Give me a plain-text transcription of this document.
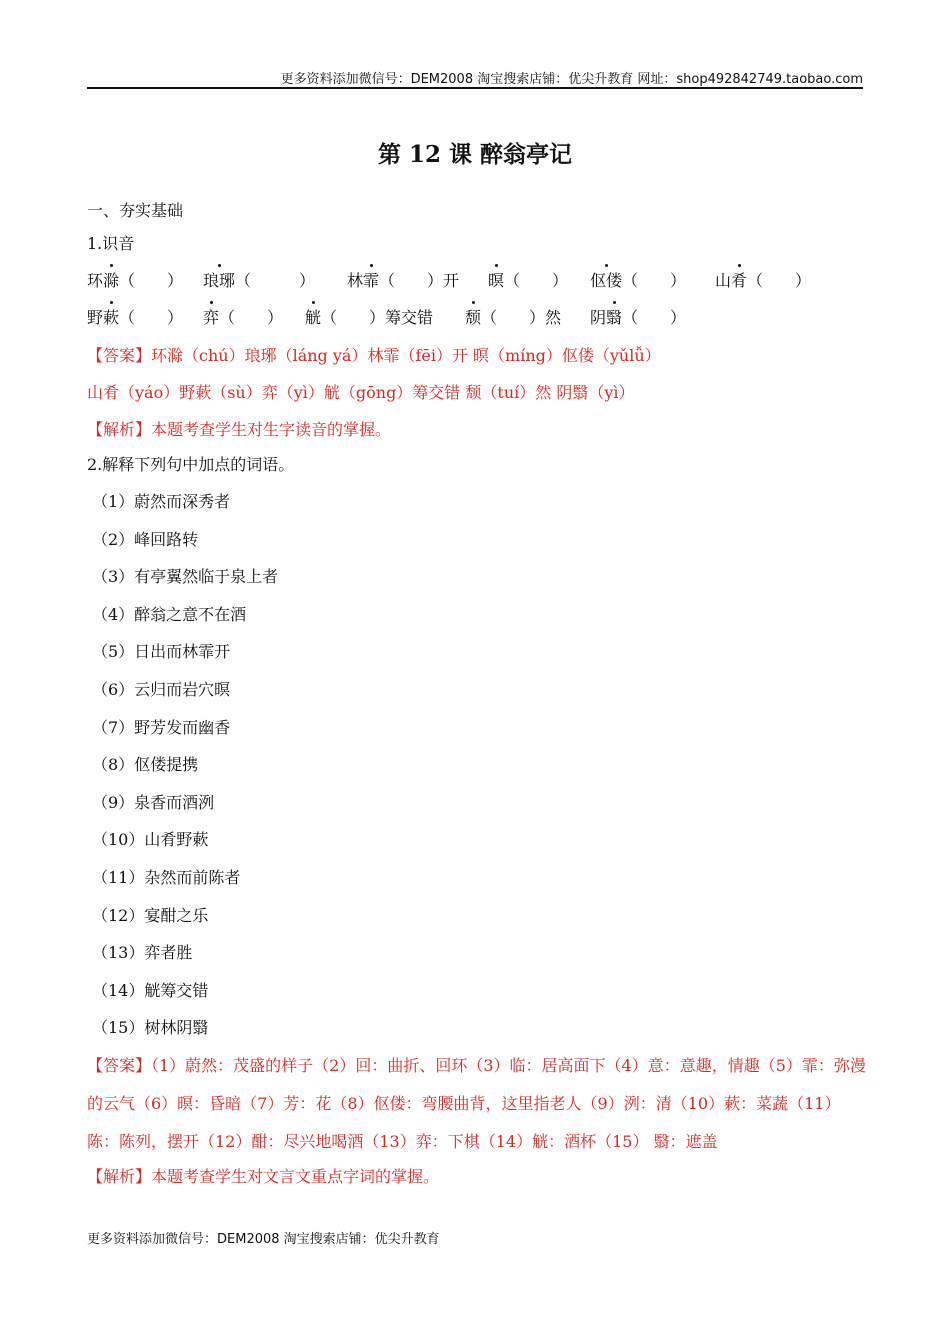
更多资料添加微信号：DEM2008 淘宝搜索店铺：优尖升教育 网址：shop492842749.taobao.com
第 12 课 醉翁亭记
一、夯实基础
1.识音
环滁（　　） 琅琊（　　　） 林霏（　　）开 暝（　　） 伛偻（　　） 山肴（　　）
野蔌（　　） 弈（　　） 觥（　　）筹交错 颓（　　）然 阴翳（　　）
【答案】环滁（chú）琅琊（láng yá）林霏（fēi）开 暝（míng）伛偻（yǔlǚ）
山肴（yáo）野蔌（sù）弈（yì）觥（gōng）筹交错 颓（tuí）然 阴翳（yì）
【解析】本题考查学生对生字读音的掌握。
2.解释下列句中加点的词语。
（1）蔚然而深秀者
（2）峰回路转
（3）有亭翼然临于泉上者
（4）醉翁之意不在酒
（5）日出而林霏开
（6）云归而岩穴暝
（7）野芳发而幽香
（8）伛偻提携
（9）泉香而酒洌
（10）山肴野蔌
（11）杂然而前陈者
（12）宴酣之乐
（13）弈者胜
（14）觥筹交错
（15）树林阴翳
【答案】（1）蔚然：茂盛的样子（2）回：曲折、回环（3）临：居高面下（4）意：意趣，情趣（5）霏：弥漫的云气（6）暝：昏暗（7）芳：花（8）伛偻：弯腰曲背，这里指老人（9）洌：清（10）蔌：菜蔬（11） 陈：陈列，摆开（12）酣：尽兴地喝酒（13）弈：下棋（14）觥：酒杯（15） 翳：遮盖
【解析】本题考查学生对文言文重点字词的掌握。
更多资料添加微信号：DEM2008 淘宝搜索店铺：优尖升教育
